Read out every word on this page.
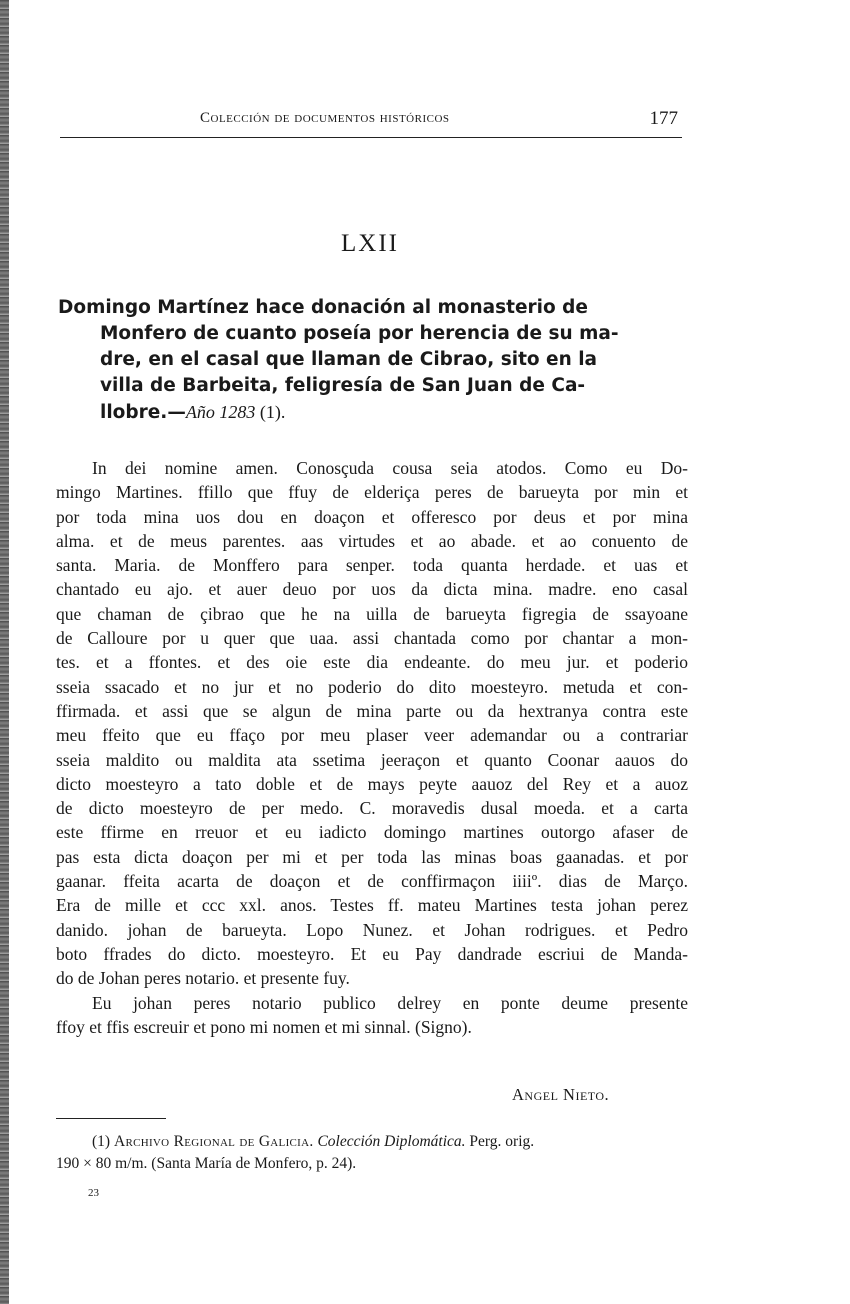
Colección de documentos históricos	177
LXII
Domingo Martínez hace donación al monasterio de
Monfero de cuanto poseía por herencia de su ma-
dre, en el casal que llaman de Cibrao, sito en la
villa de Barbeita, feligresía de San Juan de Ca-
llobre.—Año 1283 (1).
In dei nomine amen. Conosçuda cousa seia atodos. Como eu Do-
mingo Martines. ffillo que ffuy de elderiça peres de barueyta por min et
por toda mina uos dou en doaçon et offeresco por deus et por mina
alma. et de meus parentes. aas virtudes et ao abade. et ao conuento de
santa. Maria. de Monffero para senper. toda quanta herdade. et uas et
chantado eu ajo. et auer deuo por uos da dicta mina. madre. eno casal
que chaman de çibrao que he na uilla de barueyta figregia de ssayoane
de Calloure por u quer que uaa. assi chantada como por chantar a mon-
tes. et a ffontes. et des oie este dia endeante. do meu jur. et poderio
sseia ssacado et no jur et no poderio do dito moesteyro. metuda et con-
ffirmada. et assi que se algun de mina parte ou da hextranya contra este
meu ffeito que eu ffaço por meu plaser veer ademandar ou a contrariar
sseia maldito ou maldita ata ssetima jeeraçon et quanto Coonar aauos do
dicto moesteyro a tato doble et de mays peyte aauoz del Rey et a auoz
de dicto moesteyro de per medo. C. moravedis dusal moeda. et a carta
este ffirme en rreuor et eu iadicto domingo martines outorgo afaser de
pas esta dicta doaçon per mi et per toda las minas boas gaanadas. et por
gaanar. ffeita acarta de doaçon et de conffirmaçon iiiiº. dias de Março.
Era de mille et ccc xxl. anos. Testes ff. mateu Martines testa johan perez
danido. johan de barueyta. Lopo Nunez. et Johan rodrigues. et Pedro
boto ffrades do dicto. moesteyro. Et eu Pay dandrade escriui de Manda-
do de Johan peres notario. et presente fuy.
Eu johan peres notario publico delrey en ponte deume presente
ffoy et ffis escreuir et pono mi nomen et mi sinnal. (Signo).
Angel Nieto.
(1) Archivo Regional de Galicia. Colección Diplomática. Perg. orig.
190 × 80 m/m. (Santa María de Monfero, p. 24).
23
